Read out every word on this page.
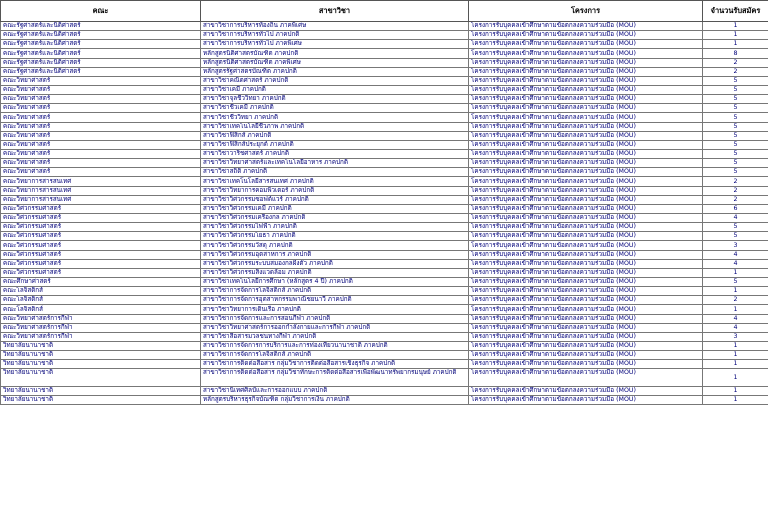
คณะ	สาขาวิชา	โครงการ	จำนวนรับสมัคร
คณะรัฐศาสตร์และนิติศาสตร์	สาขาวิชาการบริหารท้องถิ่น ภาคพิเศษ	โครงการรับบุคคลเข้าศึกษาตามข้อตกลงความร่วมมือ (MOU)	1
คณะรัฐศาสตร์และนิติศาสตร์	สาขาวิชาการบริหารทั่วไป ภาคปกติ	โครงการรับบุคคลเข้าศึกษาตามข้อตกลงความร่วมมือ (MOU)	1
คณะรัฐศาสตร์และนิติศาสตร์	สาขาวิชาการบริหารทั่วไป ภาคพิเศษ	โครงการรับบุคคลเข้าศึกษาตามข้อตกลงความร่วมมือ (MOU)	1
คณะรัฐศาสตร์และนิติศาสตร์	หลักสูตรนิติศาสตรบัณฑิต ภาคปกติ	โครงการรับบุคคลเข้าศึกษาตามข้อตกลงความร่วมมือ (MOU)	8
คณะรัฐศาสตร์และนิติศาสตร์	หลักสูตรนิติศาสตรบัณฑิต ภาคพิเศษ	โครงการรับบุคคลเข้าศึกษาตามข้อตกลงความร่วมมือ (MOU)	2
คณะรัฐศาสตร์และนิติศาสตร์	หลักสูตรรัฐศาสตรบัณฑิต ภาคปกติ	โครงการรับบุคคลเข้าศึกษาตามข้อตกลงความร่วมมือ (MOU)	2
คณะวิทยาศาสตร์	สาขาวิชาคณิตศาสตร์ ภาคปกติ	โครงการรับบุคคลเข้าศึกษาตามข้อตกลงความร่วมมือ (MOU)	5
คณะวิทยาศาสตร์	สาขาวิชาเคมี ภาคปกติ	โครงการรับบุคคลเข้าศึกษาตามข้อตกลงความร่วมมือ (MOU)	5
คณะวิทยาศาสตร์	สาขาวิชาจุลชีววิทยา ภาคปกติ	โครงการรับบุคคลเข้าศึกษาตามข้อตกลงความร่วมมือ (MOU)	5
คณะวิทยาศาสตร์	สาขาวิชาชีวเคมี ภาคปกติ	โครงการรับบุคคลเข้าศึกษาตามข้อตกลงความร่วมมือ (MOU)	5
คณะวิทยาศาสตร์	สาขาวิชาชีววิทยา ภาคปกติ	โครงการรับบุคคลเข้าศึกษาตามข้อตกลงความร่วมมือ (MOU)	5
คณะวิทยาศาสตร์	สาขาวิชาเทคโนโลยีชีวภาพ ภาคปกติ	โครงการรับบุคคลเข้าศึกษาตามข้อตกลงความร่วมมือ (MOU)	5
คณะวิทยาศาสตร์	สาขาวิชาฟิสิกส์ ภาคปกติ	โครงการรับบุคคลเข้าศึกษาตามข้อตกลงความร่วมมือ (MOU)	5
คณะวิทยาศาสตร์	สาขาวิชาฟิสิกส์ประยุกต์ ภาคปกติ	โครงการรับบุคคลเข้าศึกษาตามข้อตกลงความร่วมมือ (MOU)	5
คณะวิทยาศาสตร์	สาขาวิชาวาริชศาสตร์ ภาคปกติ	โครงการรับบุคคลเข้าศึกษาตามข้อตกลงความร่วมมือ (MOU)	5
คณะวิทยาศาสตร์	สาขาวิชาวิทยาศาสตร์และเทคโนโลยีอาหาร ภาคปกติ	โครงการรับบุคคลเข้าศึกษาตามข้อตกลงความร่วมมือ (MOU)	5
คณะวิทยาศาสตร์	สาขาวิชาสถิติ ภาคปกติ	โครงการรับบุคคลเข้าศึกษาตามข้อตกลงความร่วมมือ (MOU)	5
คณะวิทยาการสารสนเทศ	สาขาวิชาเทคโนโลยีสารสนเทศ ภาคปกติ	โครงการรับบุคคลเข้าศึกษาตามข้อตกลงความร่วมมือ (MOU)	2
คณะวิทยาการสารสนเทศ	สาขาวิชาวิทยาการคอมพิวเตอร์ ภาคปกติ	โครงการรับบุคคลเข้าศึกษาตามข้อตกลงความร่วมมือ (MOU)	2
คณะวิทยาการสารสนเทศ	สาขาวิชาวิศวกรรมซอฟต์แวร์ ภาคปกติ	โครงการรับบุคคลเข้าศึกษาตามข้อตกลงความร่วมมือ (MOU)	2
คณะวิศวกรรมศาสตร์	สาขาวิชาวิศวกรรมเคมี ภาคปกติ	โครงการรับบุคคลเข้าศึกษาตามข้อตกลงความร่วมมือ (MOU)	6
คณะวิศวกรรมศาสตร์	สาขาวิชาวิศวกรรมเครื่องกล ภาคปกติ	โครงการรับบุคคลเข้าศึกษาตามข้อตกลงความร่วมมือ (MOU)	4
คณะวิศวกรรมศาสตร์	สาขาวิชาวิศวกรรมไฟฟ้า ภาคปกติ	โครงการรับบุคคลเข้าศึกษาตามข้อตกลงความร่วมมือ (MOU)	5
คณะวิศวกรรมศาสตร์	สาขาวิชาวิศวกรรมโยธา ภาคปกติ	โครงการรับบุคคลเข้าศึกษาตามข้อตกลงความร่วมมือ (MOU)	5
คณะวิศวกรรมศาสตร์	สาขาวิชาวิศวกรรมวัสดุ ภาคปกติ	โครงการรับบุคคลเข้าศึกษาตามข้อตกลงความร่วมมือ (MOU)	3
คณะวิศวกรรมศาสตร์	สาขาวิชาวิศวกรรมอุตสาหการ ภาคปกติ	โครงการรับบุคคลเข้าศึกษาตามข้อตกลงความร่วมมือ (MOU)	4
คณะวิศวกรรมศาสตร์	สาขาวิชาวิศวกรรมระบบสมองกลฝังตัว ภาคปกติ	โครงการรับบุคคลเข้าศึกษาตามข้อตกลงความร่วมมือ (MOU)	4
คณะวิศวกรรมศาสตร์	สาขาวิชาวิศวกรรมสิ่งแวดล้อม ภาคปกติ	โครงการรับบุคคลเข้าศึกษาตามข้อตกลงความร่วมมือ (MOU)	1
คณะศึกษาศาสตร์	สาขาวิชาเทคโนโลยีการศึกษา (หลักสูตร 4 ปี) ภาคปกติ	โครงการรับบุคคลเข้าศึกษาตามข้อตกลงความร่วมมือ (MOU)	5
คณะโลจิสติกส์	สาขาวิชาการจัดการโลจิสติกส์ ภาคปกติ	โครงการรับบุคคลเข้าศึกษาตามข้อตกลงความร่วมมือ (MOU)	1
คณะโลจิสติกส์	สาขาวิชาการจัดการอุตสาหกรรมพาณิชยนาวี ภาคปกติ	โครงการรับบุคคลเข้าศึกษาตามข้อตกลงความร่วมมือ (MOU)	2
คณะโลจิสติกส์	สาขาวิชาวิทยาการเดินเรือ ภาคปกติ	โครงการรับบุคคลเข้าศึกษาตามข้อตกลงความร่วมมือ (MOU)	1
คณะวิทยาศาสตร์การกีฬา	สาขาวิชาการจัดการและการสอนกีฬา ภาคปกติ	โครงการรับบุคคลเข้าศึกษาตามข้อตกลงความร่วมมือ (MOU)	4
คณะวิทยาศาสตร์การกีฬา	สาขาวิชาวิทยาศาสตร์การออกกำลังกายและการกีฬา ภาคปกติ	โครงการรับบุคคลเข้าศึกษาตามข้อตกลงความร่วมมือ (MOU)	4
คณะวิทยาศาสตร์การกีฬา	สาขาวิชาสื่อสารมวลชนทางกีฬา ภาคปกติ	โครงการรับบุคคลเข้าศึกษาตามข้อตกลงความร่วมมือ (MOU)	3
วิทยาลัยนานาชาติ	สาขาวิชาการจัดการการบริการและการท่องเที่ยวนานาชาติ ภาคปกติ	โครงการรับบุคคลเข้าศึกษาตามข้อตกลงความร่วมมือ (MOU)	1
วิทยาลัยนานาชาติ	สาขาวิชาการจัดการโลจิสติกส์ ภาคปกติ	โครงการรับบุคคลเข้าศึกษาตามข้อตกลงความร่วมมือ (MOU)	1
วิทยาลัยนานาชาติ	สาขาวิชาการติดต่อสื่อสาร กลุ่มวิชาการติดต่อสื่อสารเชิงธุรกิจ ภาคปกติ	โครงการรับบุคคลเข้าศึกษาตามข้อตกลงความร่วมมือ (MOU)	1
วิทยาลัยนานาชาติ	สาขาวิชาการติดต่อสื่อสาร กลุ่มวิชาทักษะการติดต่อสื่อสารเพื่อพัฒนาทรัพยากรมนุษย์ ภาคปกติ	โครงการรับบุคคลเข้าศึกษาตามข้อตกลงความร่วมมือ (MOU)	1
วิทยาลัยนานาชาติ	สาขาวิชานิเทศศิลป์และการออกแบบ ภาคปกติ	โครงการรับบุคคลเข้าศึกษาตามข้อตกลงความร่วมมือ (MOU)	1
วิทยาลัยนานาชาติ	หลักสูตรบริหารธุรกิจบัณฑิต กลุ่มวิชาการเงิน ภาคปกติ	โครงการรับบุคคลเข้าศึกษาตามข้อตกลงความร่วมมือ (MOU)	1
